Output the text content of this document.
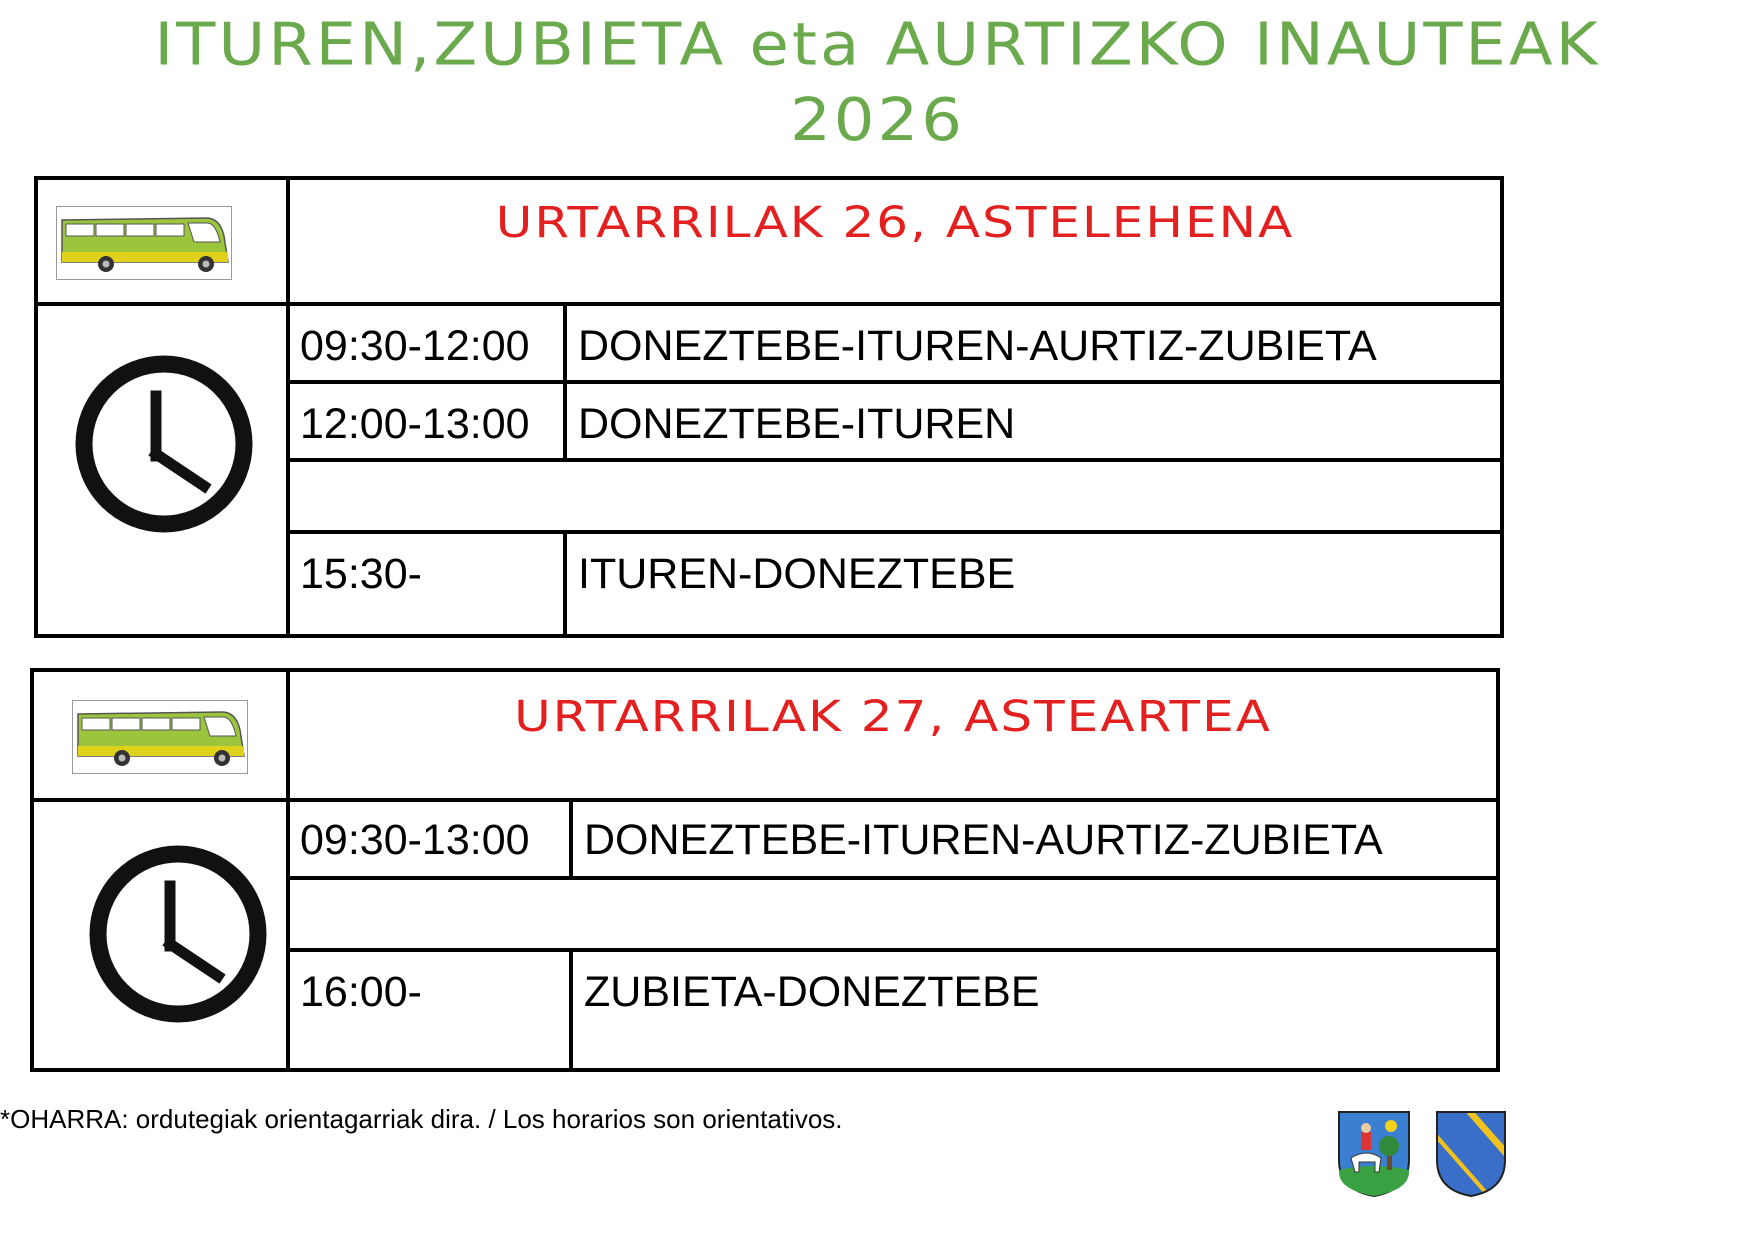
ITUREN,ZUBIETA eta AURTIZKO INAUTEAK
2026
URTARRILAK 26, ASTELEHENA
09:30-12:00 DONEZTEBE-ITUREN-AURTIZ-ZUBIETA
12:00-13:00 DONEZTEBE-ITUREN
15:30-	ITUREN-DONEZTEBE
URTARRILAK 27, ASTEARTEA
09:30-13:00 DONEZTEBE-ITUREN-AURTIZ-ZUBIETA
16:00-	ZUBIETA-DONEZTEBE
*OHARRA: ordutegiak orientagarriak dira. / Los horarios son orientativos.
